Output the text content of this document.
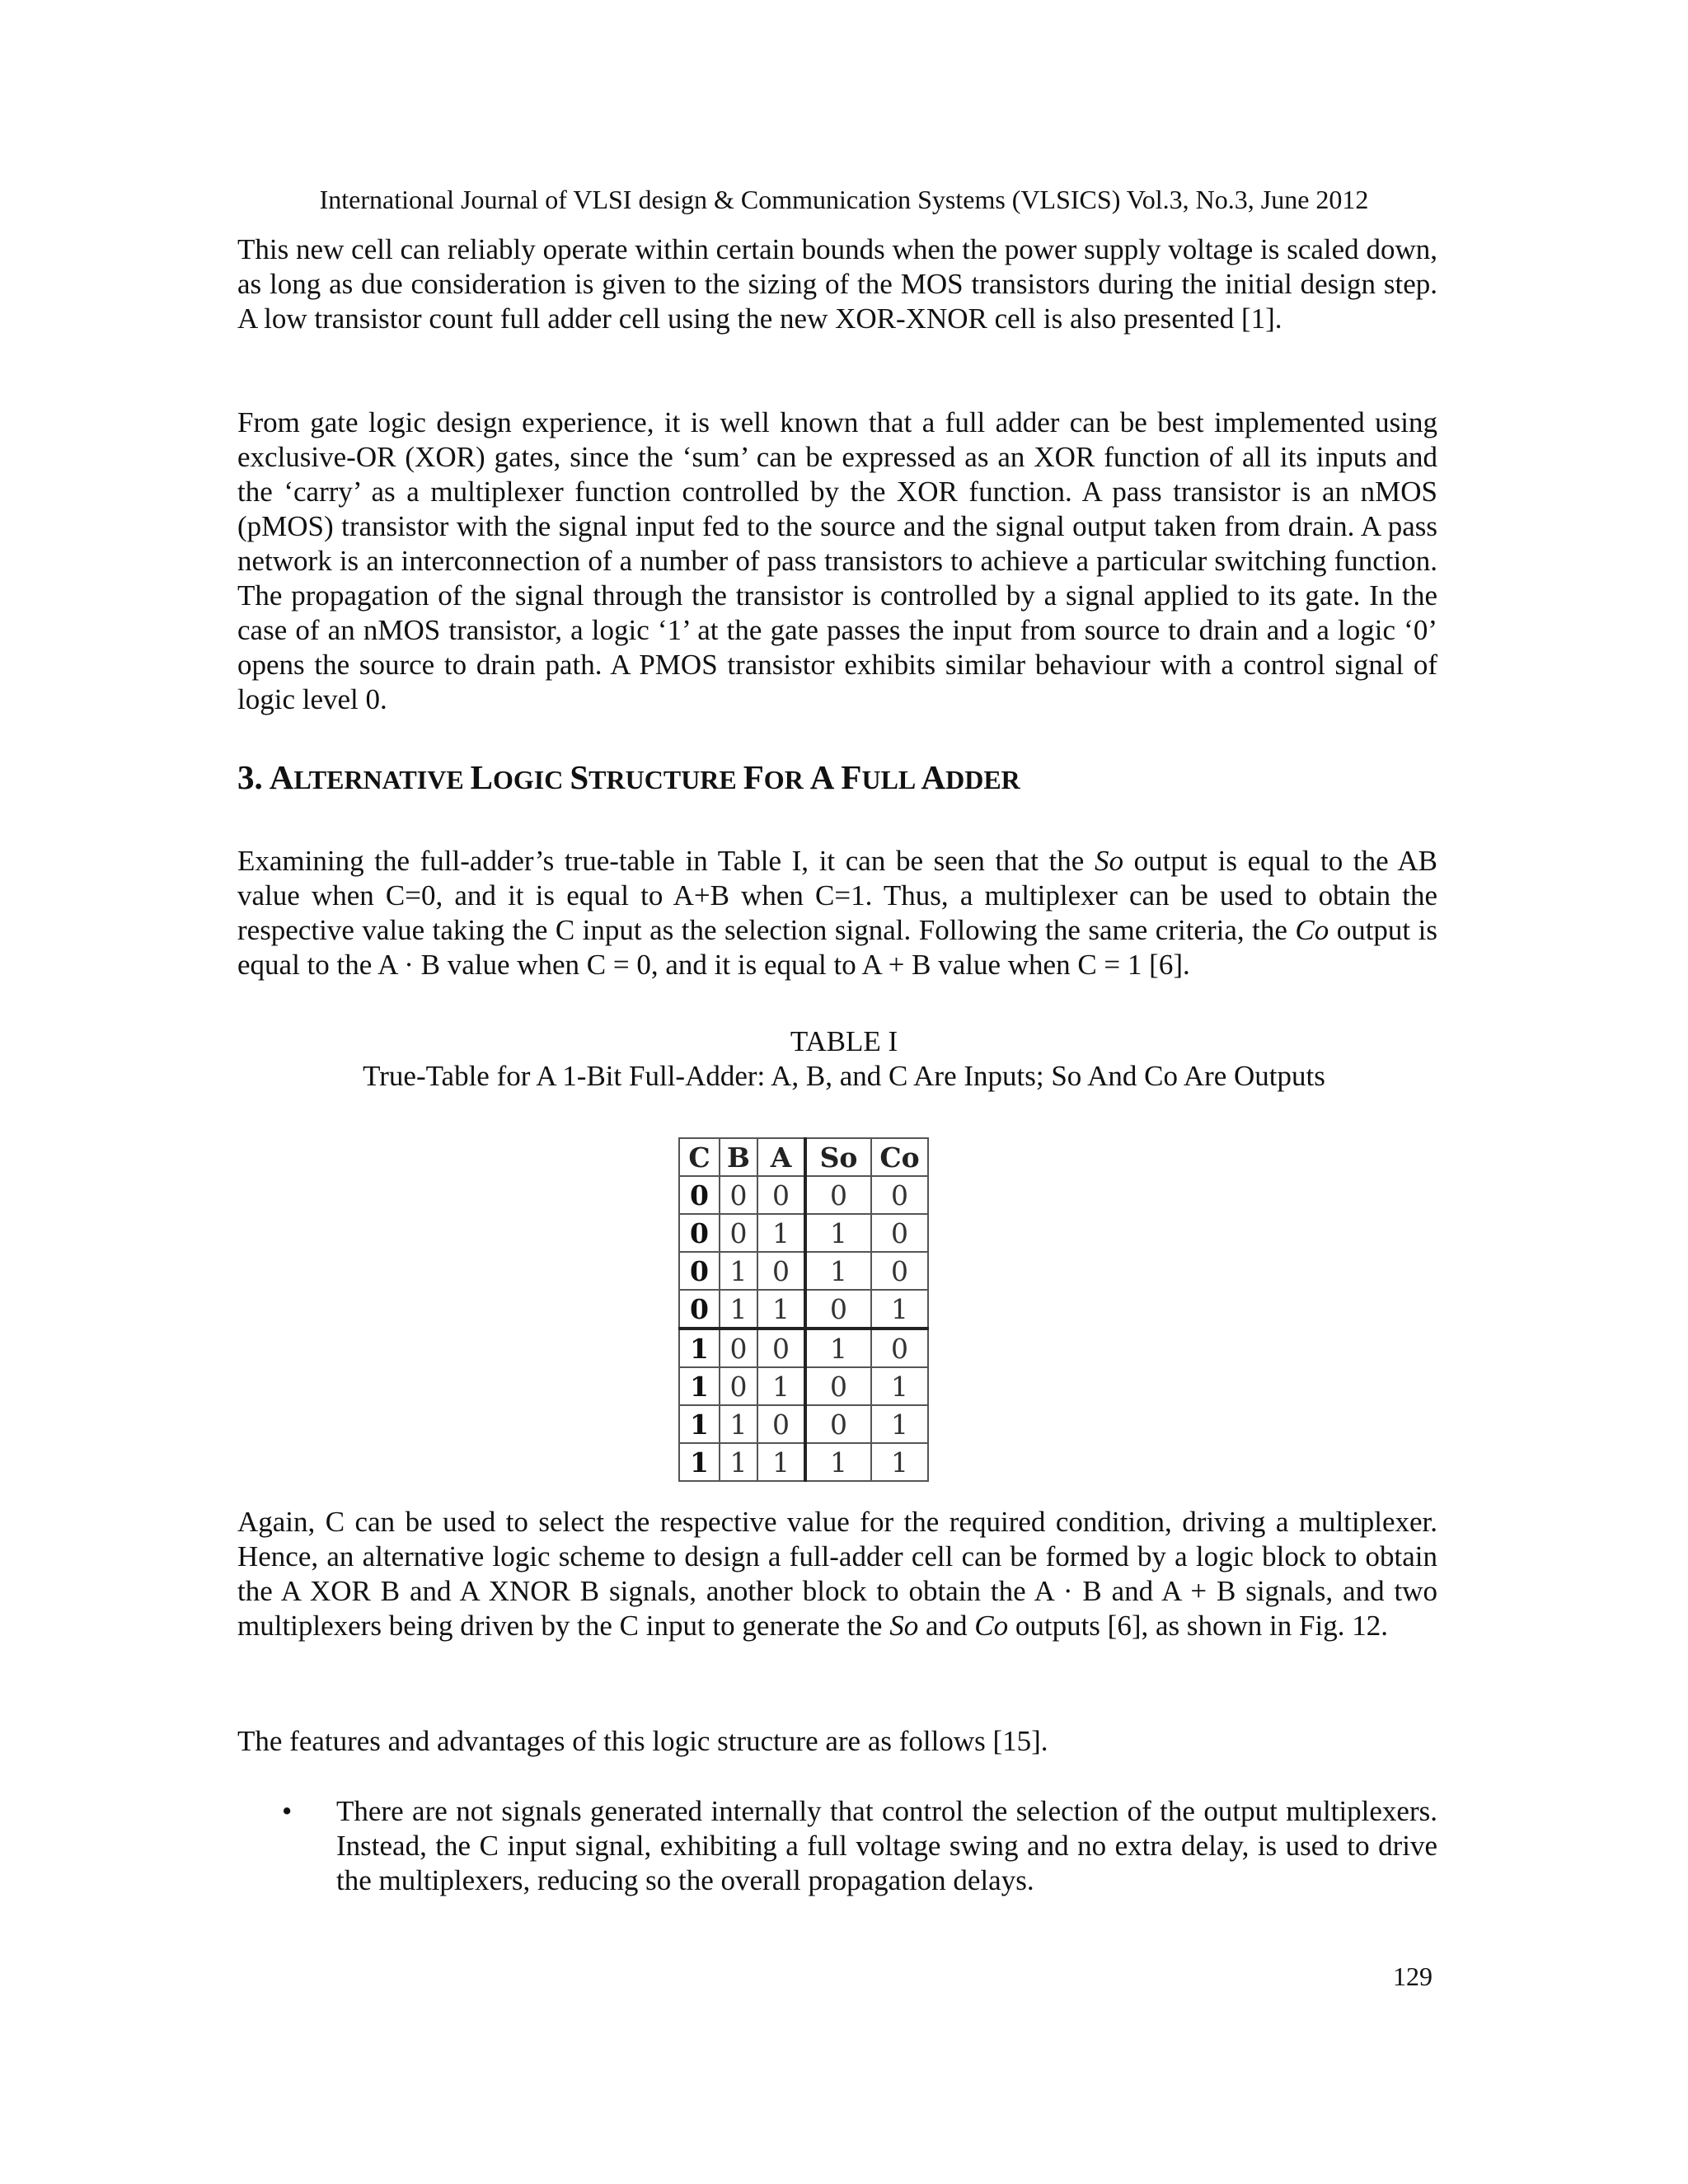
International Journal of VLSI design & Communication Systems (VLSICS) Vol.3, No.3, June 2012

This new cell can reliably operate within certain bounds when the power supply voltage is scaled down, as long as due consideration is given to the sizing of the MOS transistors during the initial design step. A low transistor count full adder cell using the new XOR-XNOR cell is also presented [1].

From gate logic design experience, it is well known that a full adder can be best implemented using exclusive-OR (XOR) gates, since the ‘sum’ can be expressed as an XOR function of all its inputs and the ‘carry’ as a multiplexer function controlled by the XOR function. A pass transistor is an nMOS (pMOS) transistor with the signal input fed to the source and the signal output taken from drain. A pass network is an interconnection of a number of pass transistors to achieve a particular switching function. The propagation of the signal through the transistor is controlled by a signal applied to its gate. In the case of an nMOS transistor, a logic ‘1’ at the gate passes the input from source to drain and a logic ‘0’ opens the source to drain path. A PMOS transistor exhibits similar behaviour with a control signal of logic level 0.

3. ALTERNATIVE LOGIC STRUCTURE FOR A FULL ADDER

Examining the full-adder’s true-table in Table I, it can be seen that the So output is equal to the AB value when C=0, and it is equal to A+B when C=1. Thus, a multiplexer can be used to obtain the respective value taking the C input as the selection signal. Following the same criteria, the Co output is equal to the A · B value when C = 0, and it is equal to A + B value when C = 1 [6].

TABLE I
True-Table for A 1-Bit Full-Adder: A, B, and C Are Inputs; So And Co Are Outputs
C	B	A	So	Co
0	0	0	0	0
0	0	1	1	0
0	1	0	1	0
0	1	1	0	1
1	0	0	1	0
1	0	1	0	1
1	1	0	0	1
1	1	1	1	1

Again, C can be used to select the respective value for the required condition, driving a multiplexer. Hence, an alternative logic scheme to design a full-adder cell can be formed by a logic block to obtain the A XOR B and A XNOR B signals, another block to obtain the A · B and A + B signals, and two multiplexers being driven by the C input to generate the So and Co outputs [6], as shown in Fig. 12.

The features and advantages of this logic structure are as follows [15].

• There are not signals generated internally that control the selection of the output multiplexers. Instead, the C input signal, exhibiting a full voltage swing and no extra delay, is used to drive the multiplexers, reducing so the overall propagation delays.
129
